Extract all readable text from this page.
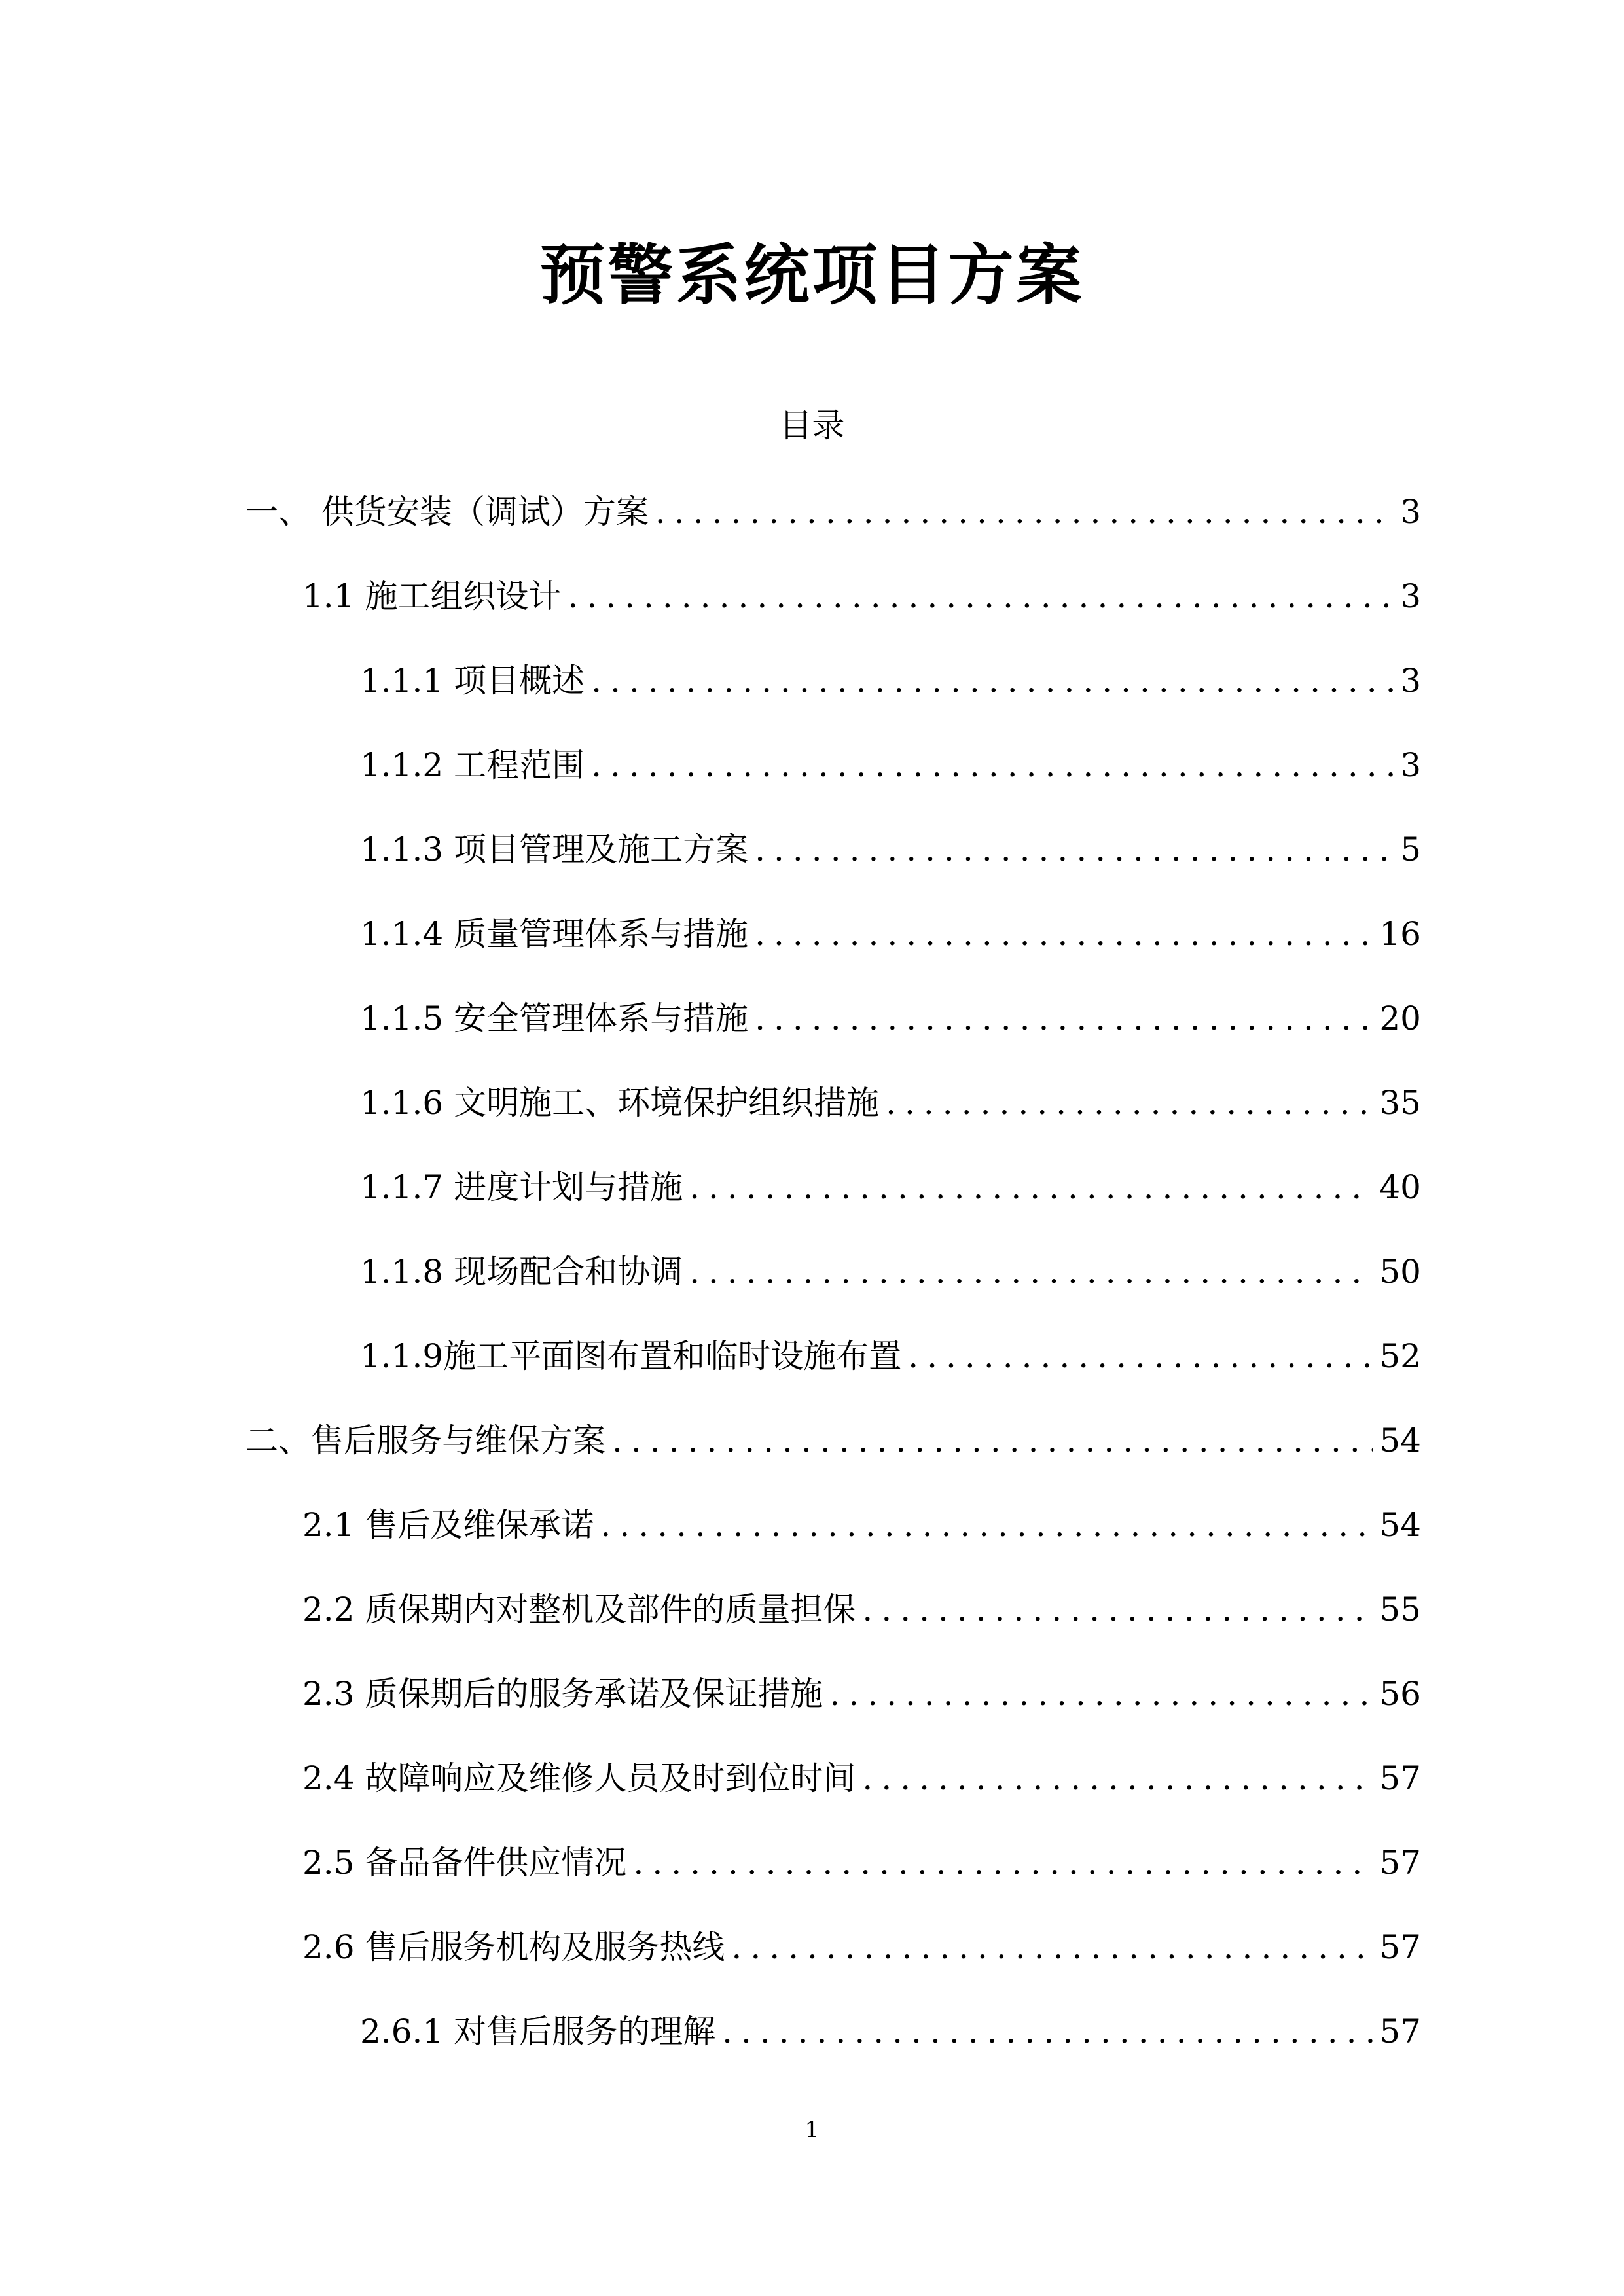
预警系统项目方案
目录
一、 供货安装（调试）方案 .....	3
1.1 施工组织设计 .....	3
1.1.1 项目概述 .....	3
1.1.2 工程范围 .....	3
1.1.3 项目管理及施工方案 .....	5
1.1.4 质量管理体系与措施 .....	16
1.1.5 安全管理体系与措施 .....	20
1.1.6 文明施工、环境保护组织措施 .....	35
1.1.7 进度计划与措施 .....	40
1.1.8 现场配合和协调 .....	50
1.1.9施工平面图布置和临时设施布置 .....	52
二、售后服务与维保方案 .....	54
2.1 售后及维保承诺 .....	54
2.2 质保期内对整机及部件的质量担保 .....	55
2.3 质保期后的服务承诺及保证措施 .....	56
2.4 故障响应及维修人员及时到位时间 .....	57
2.5 备品备件供应情况 .....	57
2.6 售后服务机构及服务热线 .....	57
2.6.1 对售后服务的理解 .....	57
1
